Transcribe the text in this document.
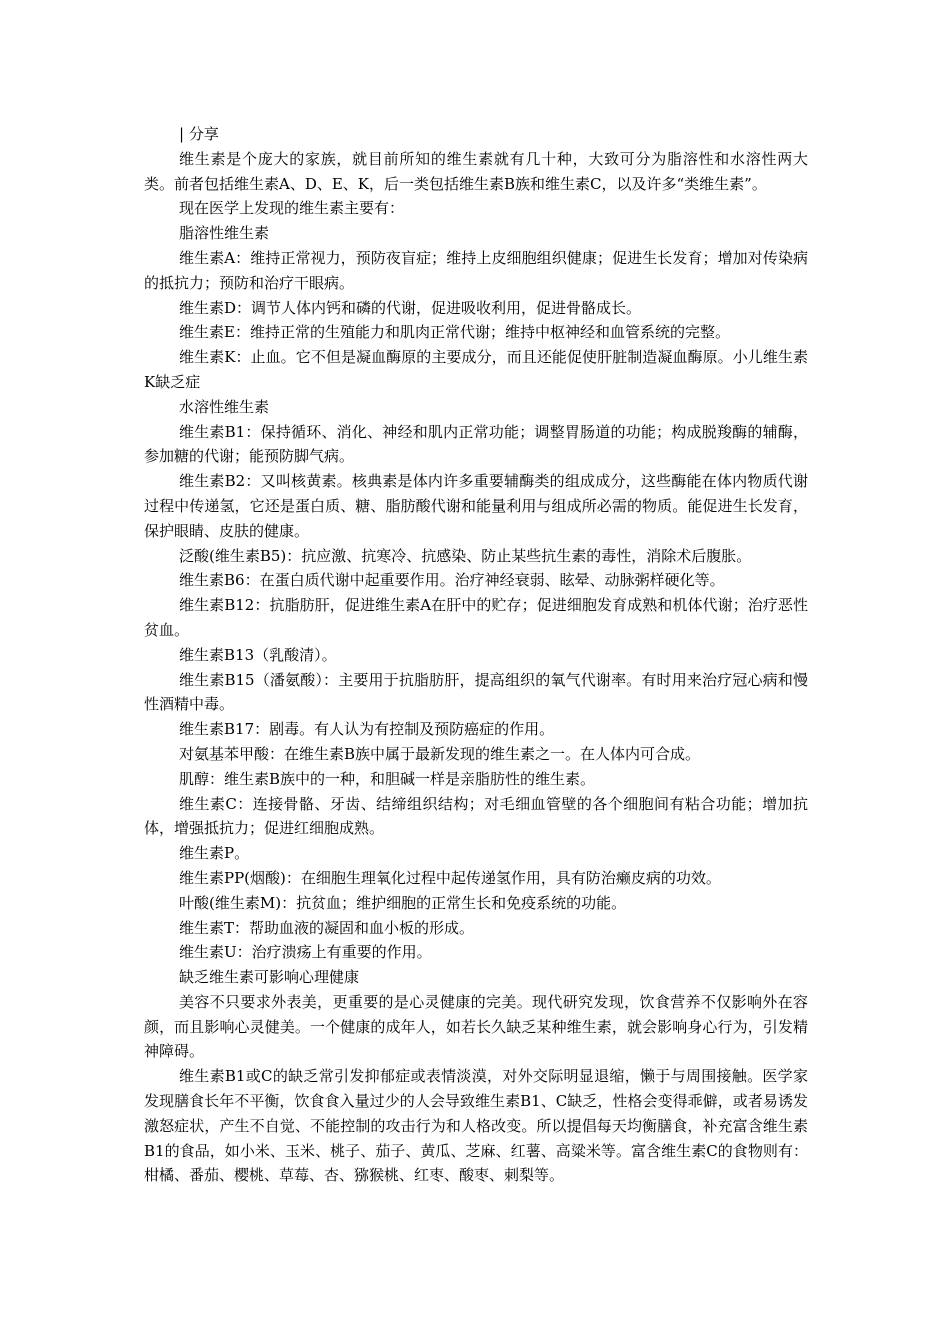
| 分享

维生素是个庞大的家族，就目前所知的维生素就有几十种，大致可分为脂溶性和水溶性两大类。前者包括维生素A、D、E、K，后一类包括维生素B族和维生素C，以及许多“类维生素”。

现在医学上发现的维生素主要有：

脂溶性维生素

维生素A：维持正常视力，预防夜盲症；维持上皮细胞组织健康；促进生长发育；增加对传染病的抵抗力；预防和治疗干眼病。

维生素D：调节人体内钙和磷的代谢，促进吸收利用，促进骨骼成长。

维生素E：维持正常的生殖能力和肌肉正常代谢；维持中枢神经和血管系统的完整。

维生素K：止血。它不但是凝血酶原的主要成分，而且还能促使肝脏制造凝血酶原。小儿维生素K缺乏症

水溶性维生素

维生素B1：保持循环、消化、神经和肌内正常功能；调整胃肠道的功能；构成脱羧酶的辅酶，参加糖的代谢；能预防脚气病。

维生素B2：又叫核黄素。核典素是体内许多重要辅酶类的组成成分，这些酶能在体内物质代谢过程中传递氢，它还是蛋白质、糖、脂肪酸代谢和能量利用与组成所必需的物质。能促进生长发育，保护眼睛、皮肤的健康。

泛酸(维生素B5)：抗应激、抗寒冷、抗感染、防止某些抗生素的毒性，消除术后腹胀。

维生素B6：在蛋白质代谢中起重要作用。治疗神经衰弱、眩晕、动脉粥样硬化等。

维生素B12：抗脂肪肝，促进维生素A在肝中的贮存；促进细胞发育成熟和机体代谢；治疗恶性贫血。

维生素B13（乳酸清）。

维生素B15（潘氨酸）：主要用于抗脂肪肝，提高组织的氧气代谢率。有时用来治疗冠心病和慢性酒精中毒。

维生素B17：剧毒。有人认为有控制及预防癌症的作用。

对氨基苯甲酸：在维生素B族中属于最新发现的维生素之一。在人体内可合成。

肌醇：维生素B族中的一种，和胆碱一样是亲脂肪性的维生素。

维生素C：连接骨骼、牙齿、结缔组织结构；对毛细血管壁的各个细胞间有粘合功能；增加抗体，增强抵抗力；促进红细胞成熟。

维生素P。

维生素PP(烟酸)：在细胞生理氧化过程中起传递氢作用，具有防治癞皮病的功效。

叶酸(维生素M)：抗贫血；维护细胞的正常生长和免疫系统的功能。

维生素T：帮助血液的凝固和血小板的形成。

维生素U：治疗溃疡上有重要的作用。

缺乏维生素可影响心理健康

美容不只要求外表美，更重要的是心灵健康的完美。现代研究发现，饮食营养不仅影响外在容颜，而且影响心灵健美。一个健康的成年人，如若长久缺乏某种维生素，就会影响身心行为，引发精神障碍。

维生素B1或C的缺乏常引发抑郁症或表情淡漠，对外交际明显退缩，懒于与周围接触。医学家发现膳食长年不平衡，饮食食入量过少的人会导致维生素B1、C缺乏，性格会变得乖僻，或者易诱发激怒症状，产生不自觉、不能控制的攻击行为和人格改变。所以提倡每天均衡膳食，补充富含维生素B1的食品，如小米、玉米、桃子、茄子、黄瓜、芝麻、红薯、高粱米等。富含维生素C的食物则有：柑橘、番茄、樱桃、草莓、杏、猕猴桃、红枣、酸枣、刺梨等。
